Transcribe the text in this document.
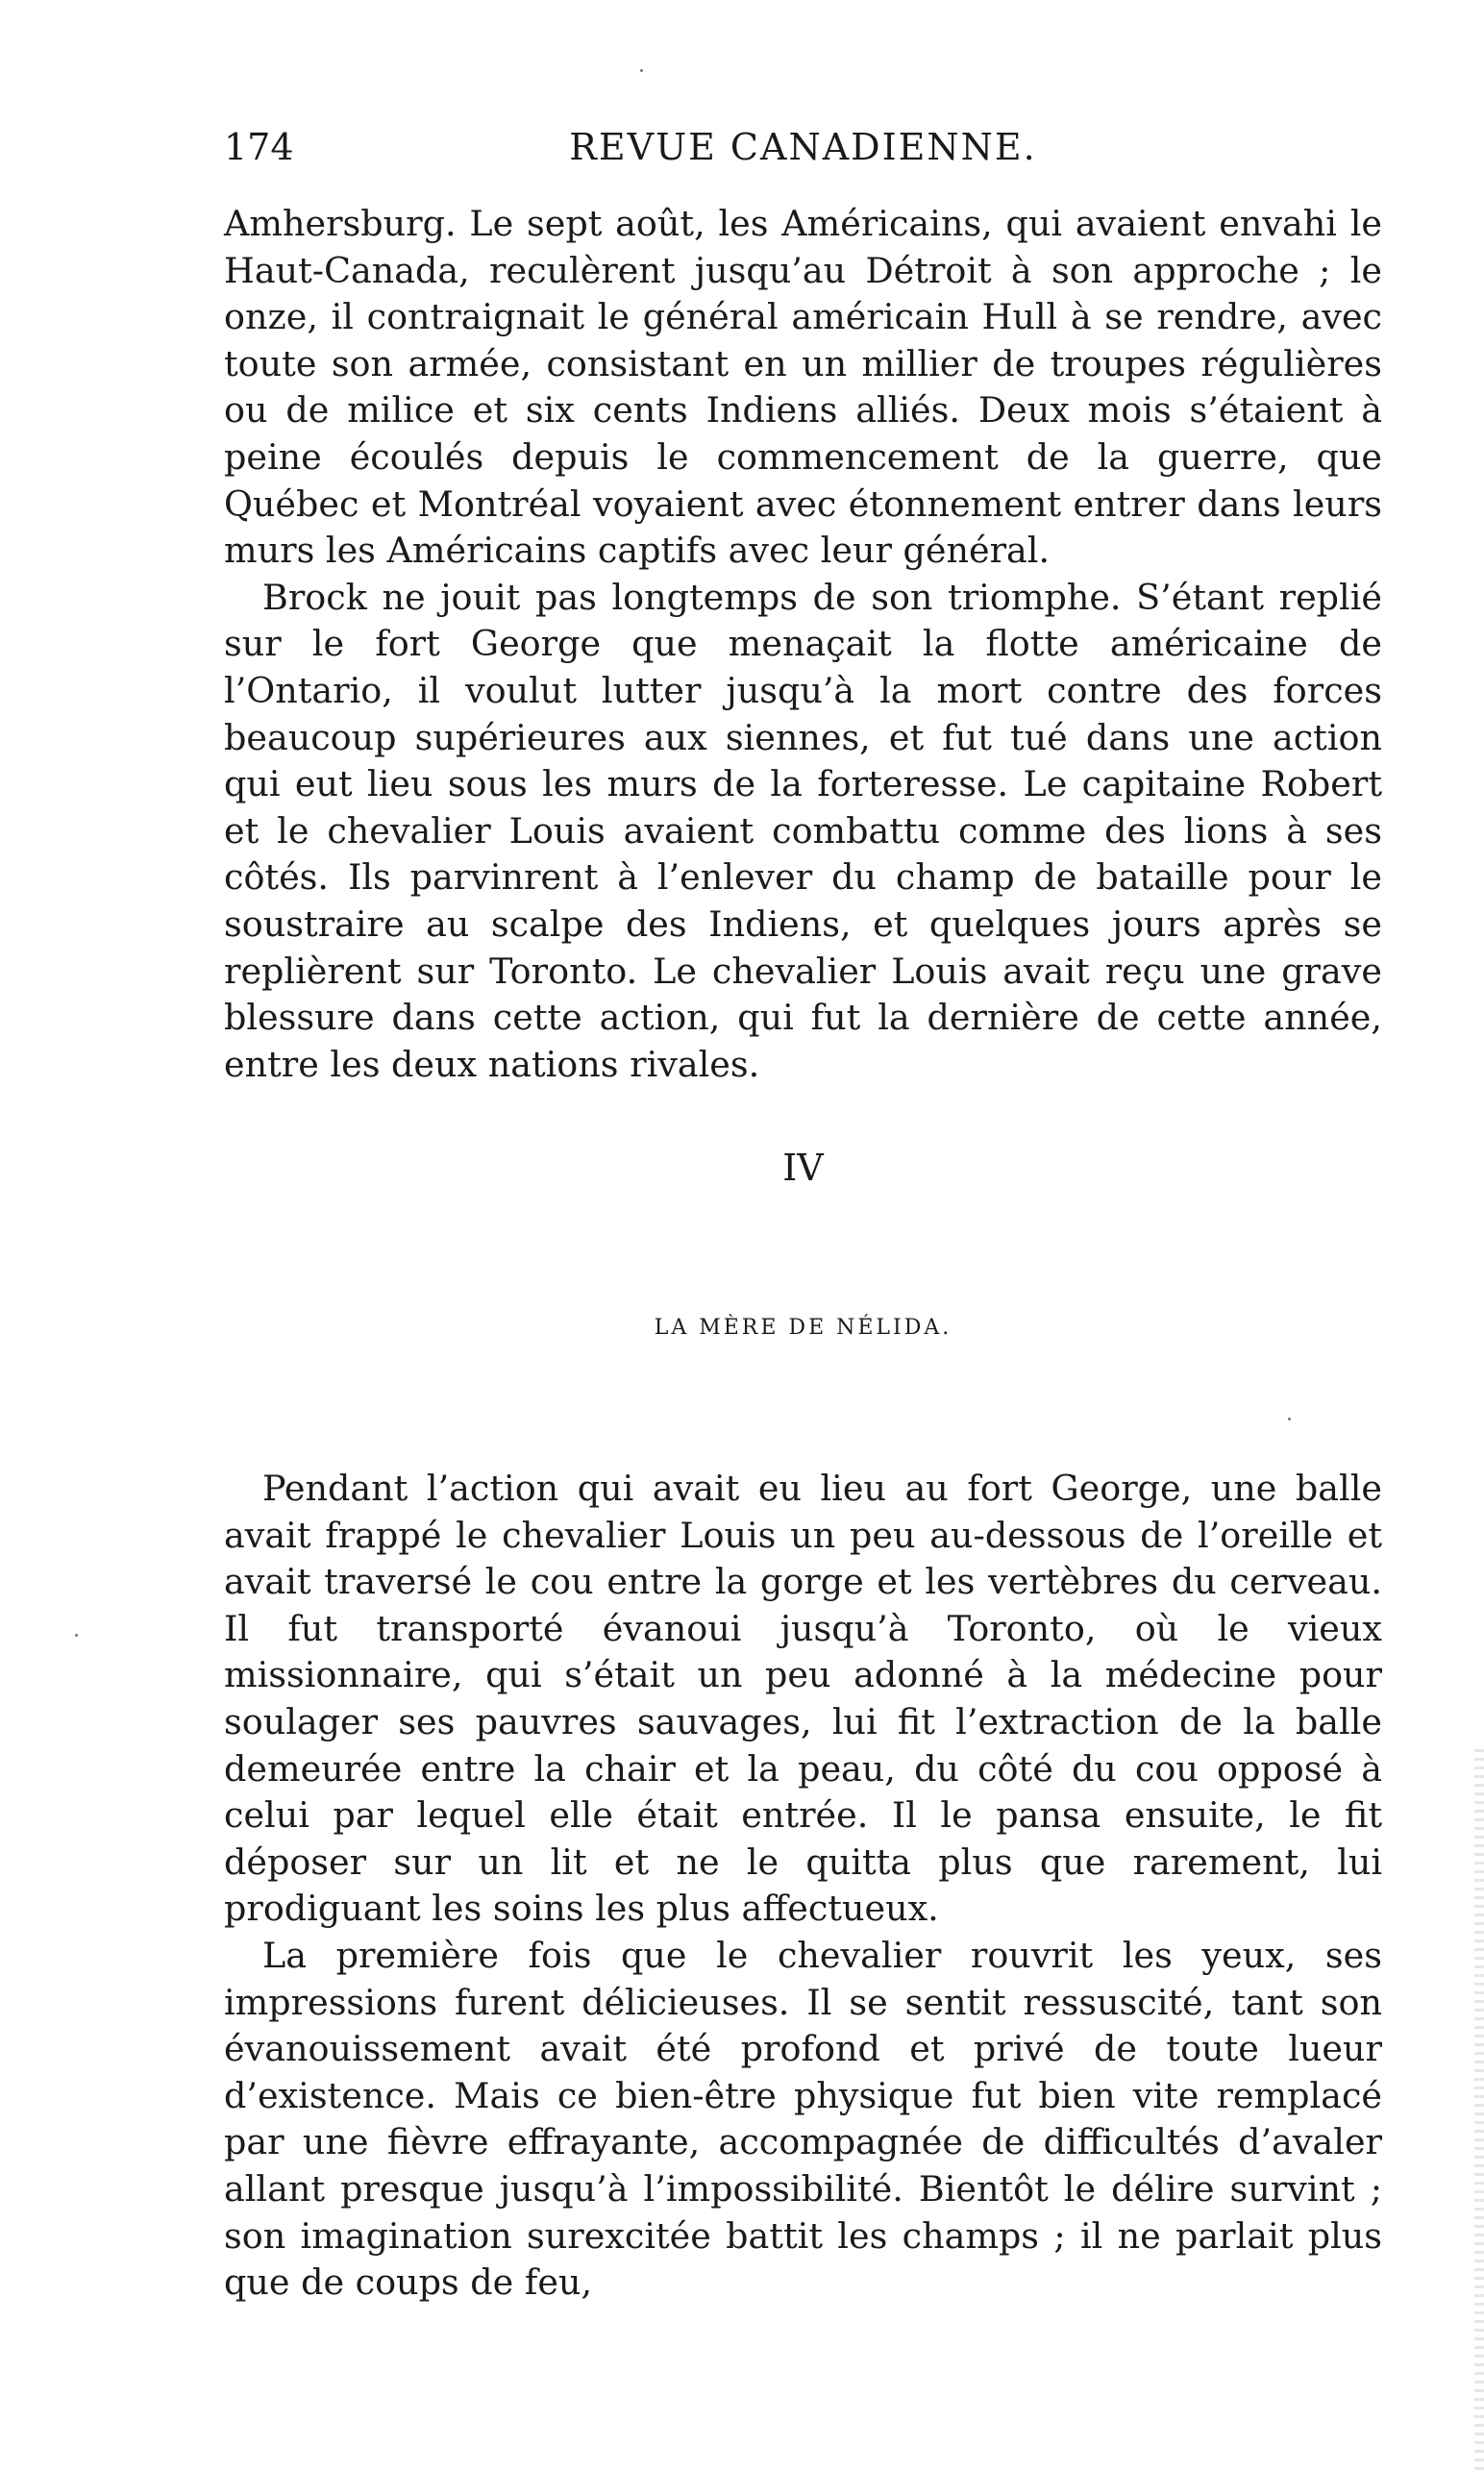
174	REVUE CANADIENNE.

Amhersburg. Le sept août, les Américains, qui avaient envahi le Haut-Canada, reculèrent jusqu’au Détroit à son approche ; le onze, il contraignait le général américain Hull à se rendre, avec toute son armée, consistant en un millier de troupes régulières ou de milice et six cents Indiens alliés. Deux mois s’étaient à peine écoulés depuis le commencement de la guerre, que Québec et Montréal voyaient avec étonnement entrer dans leurs murs les Américains captifs avec leur général.

Brock ne jouit pas longtemps de son triomphe. S’étant replié sur le fort George que menaçait la flotte américaine de l’Ontario, il voulut lutter jusqu’à la mort contre des forces beaucoup supérieures aux siennes, et fut tué dans une action qui eut lieu sous les murs de la forteresse. Le capitaine Robert et le chevalier Louis avaient combattu comme des lions à ses côtés. Ils parvinrent à l’enlever du champ de bataille pour le soustraire au scalpe des Indiens, et quelques jours après se replièrent sur Toronto. Le chevalier Louis avait reçu une grave blessure dans cette action, qui fut la dernière de cette année, entre les deux nations rivales.

IV
LA MÈRE DE NÉLIDA.

Pendant l’action qui avait eu lieu au fort George, une balle avait frappé le chevalier Louis un peu au-dessous de l’oreille et avait traversé le cou entre la gorge et les vertèbres du cerveau. Il fut transporté évanoui jusqu’à Toronto, où le vieux missionnaire, qui s’était un peu adonné à la médecine pour soulager ses pauvres sauvages, lui fit l’extraction de la balle demeurée entre la chair et la peau, du côté du cou opposé à celui par lequel elle était entrée. Il le pansa ensuite, le fit déposer sur un lit et ne le quitta plus que rarement, lui prodiguant les soins les plus affectueux.

La première fois que le chevalier rouvrit les yeux, ses impressions furent délicieuses. Il se sentit ressuscité, tant son évanouissement avait été profond et privé de toute lueur d’existence. Mais ce bien-être physique fut bien vite remplacé par une fièvre effrayante, accompagnée de difficultés d’avaler allant presque jusqu’à l’impossibilité. Bientôt le délire survint ; son imagination surexcitée battit les champs ; il ne parlait plus que de coups de feu,
